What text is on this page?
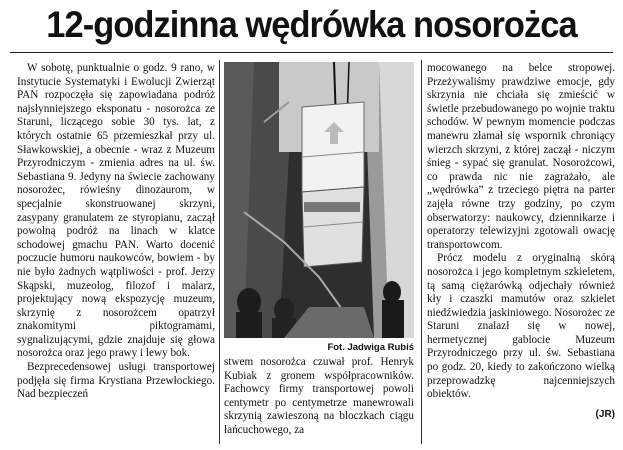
12-godzinna wędrówka nosorożca

W sobotę, punktualnie o godz. 9 rano, w Instytucie Systematyki i Ewolucji Zwierząt PAN rozpoczęła się zapowiadana podróż najsłynniejszego eksponatu - nosorożca ze Staruni, liczącego sobie 30 tys. lat, z których ostatnie 65 przemieszkał przy ul. Sławkowskiej, a obecnie - wraz z Muzeum Przyrodniczym - zmienia adres na ul. św. Sebastiana 9. Jedyny na świecie zachowany nosorożec, rówieśny dinozaurom, w specjalnie skonstruowanej skrzyni, zasypany granulatem ze styropianu, zaczął powolną podróż na linach w klatce schodowej gmachu PAN. Warto docenić poczucie humoru naukowców, bowiem - by nie było żadnych wątpliwości - prof. Jerzy Skąpski, muzeolog, filozof i malarz, projektujący nową ekspozycję muzeum, skrzynię z nosorożcem opatrzył znakomitymi piktogramami, sygnalizującymi, gdzie znajduje się głowa nosorożca oraz jego prawy i lewy bok.

Bezprecedensowej usługi transportowej podjęła się firma Krystiana Przewłockiego. Nad bezpieczeń

Fot. Jadwiga Rubiś

stwem nosorożca czuwał prof. Henryk Kubiak z gronem współpracowników. Fachowcy firmy transportowej powoli centymetr po centymetrze manewrowali skrzynią zawieszoną na bloczkach ciągu łańcuchowego, za

mocowanego na belce stropowej. Przeżywaliśmy prawdziwe emocje, gdy skrzynia nie chciała się zmieścić w świetle przebudowanego po wojnie traktu schodów. W pewnym momencie podczas manewru złamał się wspornik chroniący wierzch skrzyni, z której zaczął - niczym śnieg - sypać się granulat. Nosorożcowi, co prawda nic nie zagrażało, ale „wędrówka” z trzeciego piętra na parter zajęła równe trzy godziny, po czym obserwatorzy: naukowcy, dziennikarze i operatorzy telewizyjni zgotowali owację transportowcom.

Prócz modelu z oryginalną skórą nosorożca i jego kompletnym szkieletem, tą samą ciężarówką odjechały również kły i czaszki mamutów oraz szkielet niedźwiedzia jaskiniowego. Nosorożec ze Staruni znalazł się w nowej, hermetycznej gablocie Muzeum Przyrodniczego przy ul. św. Sebastiana po godz. 20, kiedy to zakończono wielką przeprowadzkę najcenniejszych obiektów.

(JR)
